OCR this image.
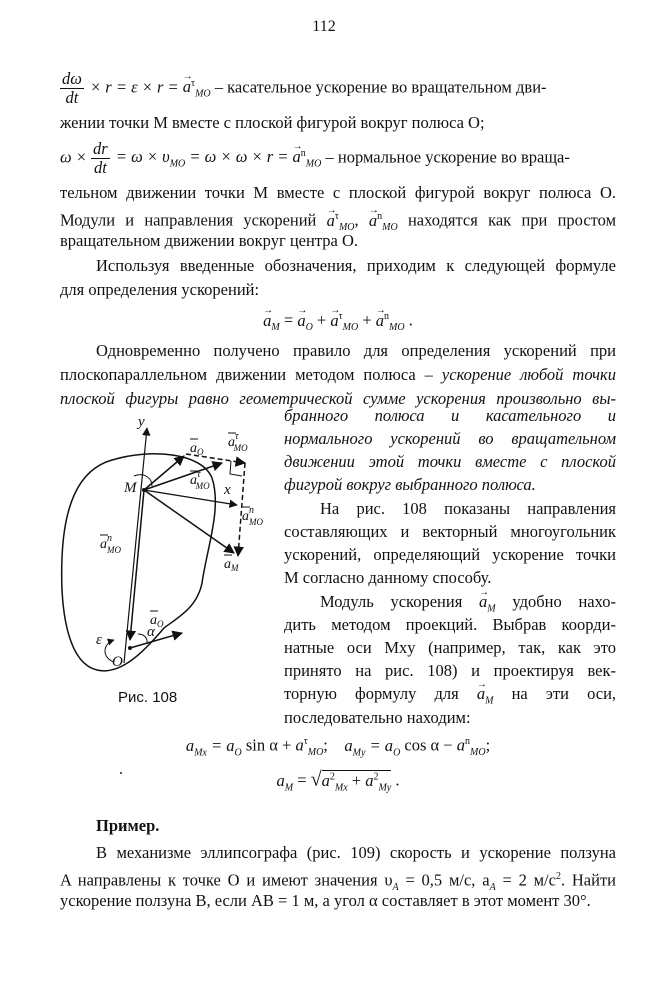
112
$\frac{d\omega}{dt} \times r = \varepsilon \times r$ = → $a^\tau_{MO}$ – касательное ускорение во вращательном дви-
жении точки M вместе с плоской фигурой вокруг полюса O;
$\omega \times \frac{dr}{dt} = \omega \times \upsilon_{MO} = \omega \times \omega \times r$ = → $a^n_{MO}$ – нормальное ускорение во враща-
тельном движении точки M вместе с плоской фигурой вокруг полюса O.
Модули и направления ускорений → $a^\tau_{MO}$, → $a^n_{MO}$ находятся как при простом
вращательном движении вокруг центра O.
Используя введенные обозначения, приходим к следующей формуле
для определения ускорений:
→ $a_M$ = → $a_O$ + → $a^\tau_{MO}$ + → $a^n_{MO}$ .
Одновременно получено правило для определения ускорений при
плоскопараллельном движении методом полюса – ускорение любой точки
плоской фигуры равно геометрической сумме ускорения произвольно вы-
бранного полюса и касательного и
нормального ускорений во вращательном
движении этой точки вместе с плоской
фигурой вокруг выбранного полюса.
На рис. 108 показаны направления
составляющих и векторный многоугольник
ускорений, определяющий ускорение точки
M согласно данному способу.
Модуль ускорения → $a_M$ удобно нахо-
дить методом проекций. Выбрав коорди-
натные оси Mxy (например, так, как это
принято на рис. 108) и проектируя век-
торную формулу для → $a_M$ на эти оси,
последовательно находим:
y
x
M
O
ε	α
$a_O$
$a^\tau$ MO
$a^\tau$ MO
$a^n$ MO
$a^n$ MO
$a_M$
$a_O$
Рис. 108
$a_{Mx} = a_O$ $\sin \alpha + a^\tau_{MO}$;    $a_{My} = a_O$ $\cos \alpha - a^n_{MO}$;
$a_M = √a^2_{Mx} + a^2_{My}$ .
Пример.
В механизме эллипсографа (рис. 109) скорость и ускорение ползуна
A направлены к точке O и имеют значения $\upsilon_A = 0,5$ м/с, $a_A = 2$ $м/с^2$. Найти
ускорение ползуна B, если AB = 1 м, а угол α составляет в этот момент 30°.
